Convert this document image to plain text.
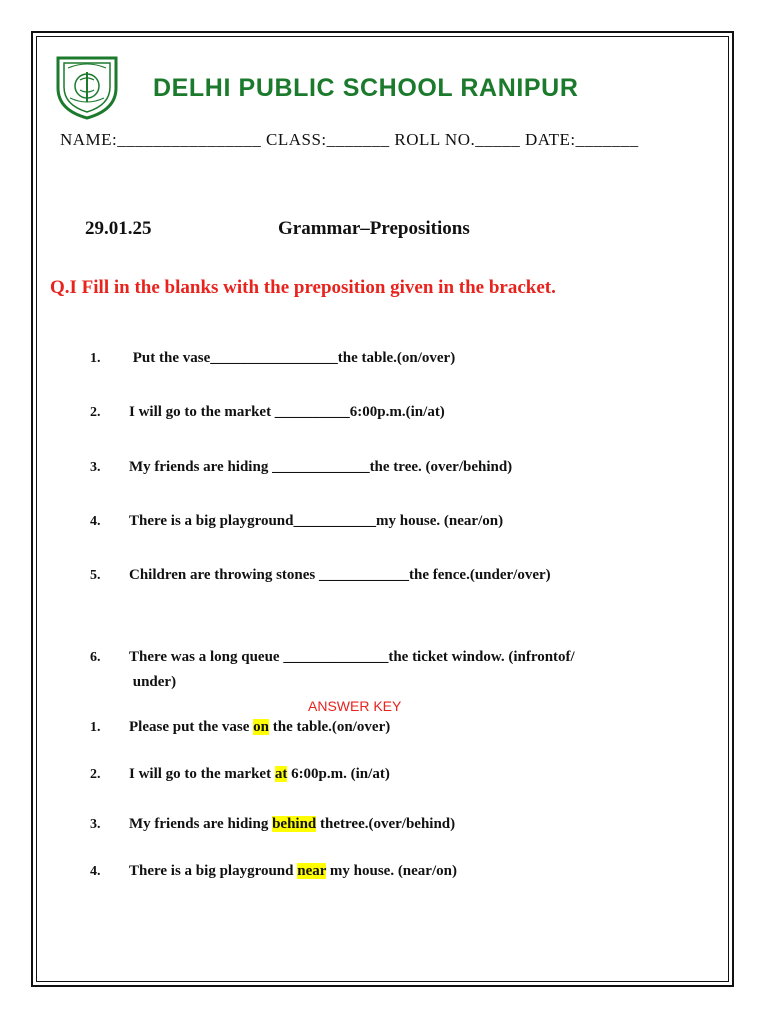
DELHI PUBLIC SCHOOL RANIPUR
NAME:________________ CLASS:_______ ROLL NO._____ DATE:_______
29.01.25	Grammar–Prepositions
Q.I Fill in the blanks with the preposition given in the bracket.
1. Put the vase_________________the table.(on/over)
2. I will go to the market __________6:00p.m.(in/at)
3. My friends are hiding _____________the tree. (over/behind)
4. There is a big playground___________my house. (near/on)
5. Children are throwing stones ____________the fence.(under/over)
6. There was a long queue ______________the ticket window. (infrontof/
under)
ANSWER KEY
1. Please put the vase on the table.(on/over)
2. I will go to the market at 6:00p.m. (in/at)
3. My friends are hiding behind thetree.(over/behind)
4. There is a big playground near my house. (near/on)
